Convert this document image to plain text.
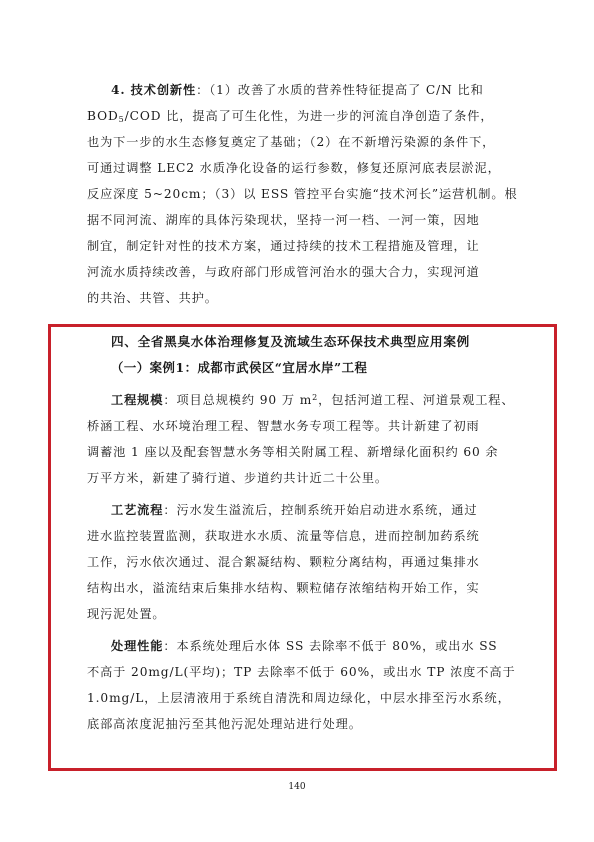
4. 技术创新性：（1）改善了水质的营养性特征提高了 C/N 比和
$BOD_5$/COD 比，提高了可生化性，为进一步的河流自净创造了条件，
也为下一步的水生态修复奠定了基础；（2）在不新增污染源的条件下，
可通过调整 LEC2 水质净化设备的运行参数，修复还原河底表层淤泥，
反应深度 5~20cm；（3）以 ESS 管控平台实施“技术河长”运营机制。根
据不同河流、湖库的具体污染现状，坚持一河一档、一河一策，因地
制宜，制定针对性的技术方案，通过持续的技术工程措施及管理，让
河流水质持续改善，与政府部门形成管河治水的强大合力，实现河道
的共治、共管、共护。
四、全省黑臭水体治理修复及流域生态环保技术典型应用案例
（一）案例1：成都市武侯区“宜居水岸”工程
工程规模：项目总规模约 90 万 $m^2$，包括河道工程、河道景观工程、
桥涵工程、水环境治理工程、智慧水务专项工程等。共计新建了初雨
调蓄池 1 座以及配套智慧水务等相关附属工程、新增绿化面积约 60 余
万平方米，新建了骑行道、步道约共计近二十公里。
工艺流程：污水发生溢流后，控制系统开始启动进水系统，通过
进水监控装置监测，获取进水水质、流量等信息，进而控制加药系统
工作，污水依次通过、混合絮凝结构、颗粒分离结构，再通过集排水
结构出水，溢流结束后集排水结构、颗粒储存浓缩结构开始工作，实
现污泥处置。
处理性能：本系统处理后水体 SS 去除率不低于 80%，或出水 SS
不高于 20mg/L(平均)；TP 去除率不低于 60%，或出水 TP 浓度不高于
1.0mg/L，上层清液用于系统自清洗和周边绿化，中层水排至污水系统，
底部高浓度泥抽污至其他污泥处理站进行处理。
140
